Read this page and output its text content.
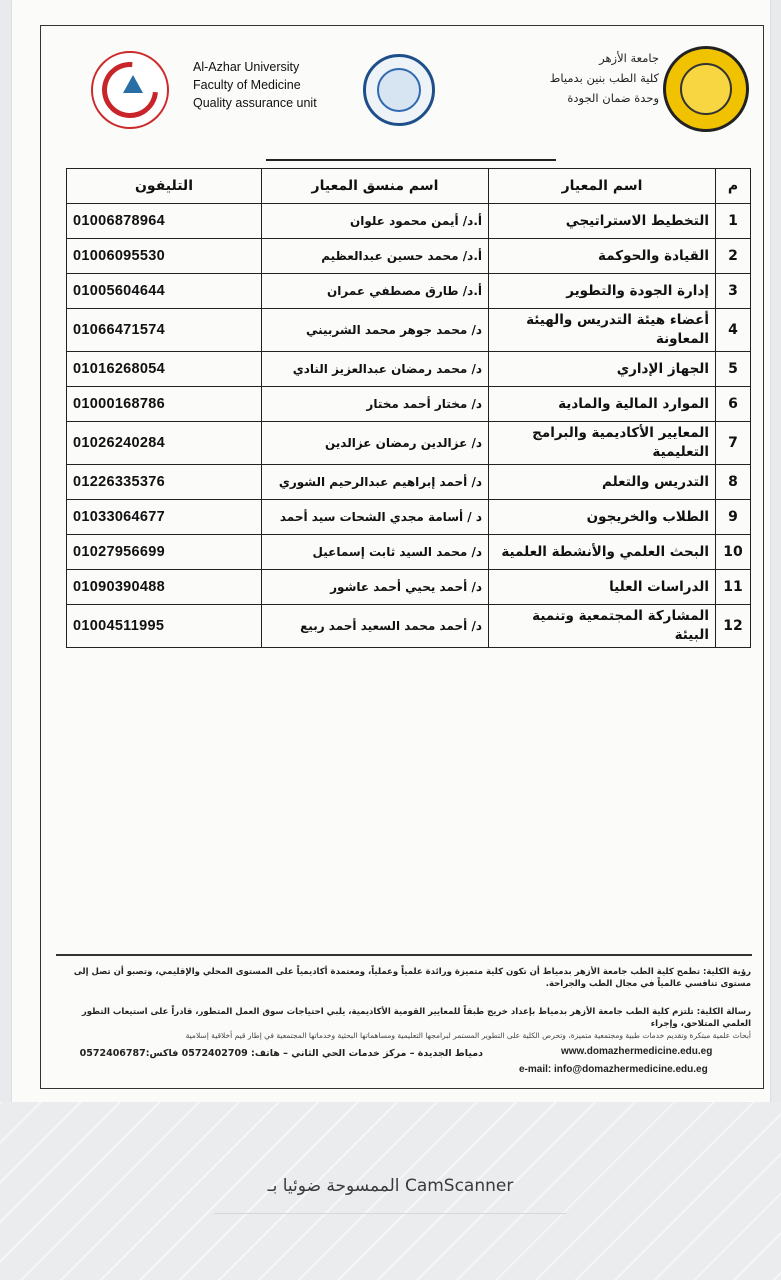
Al-Azhar University
Faculty of Medicine
Quality assurance unit
جامعة الأزهر
كلية الطب بنين بدمياط
وحدة ضمان الجودة
م	اسم المعيار	اسم منسق المعيار	التليفون
1	التخطيط الاستراتيجي	أ.د/ أيمن محمود علوان	01006878964
2	القيادة والحوكمة	أ.د/ محمد حسين عبدالعظيم	01006095530
3	إدارة الجودة والتطوير	أ.د/ طارق مصطفي عمران	01005604644
4	أعضاء هيئة التدريس والهيئة المعاونة	د/ محمد جوهر محمد الشربيني	01066471574
5	الجهاز الإداري	د/ محمد رمضان عبدالعزيز النادي	01016268054
6	الموارد المالية والمادية	د/ مختار أحمد مختار	01000168786
7	المعايير الأكاديمية والبرامج التعليمية	د/ عزالدين رمضان عزالدين	01026240284
8	التدريس والتعلم	د/ أحمد إبراهيم عبدالرحيم الشوري	01226335376
9	الطلاب والخريجون	د / أسامة مجدي الشحات سيد أحمد	01033064677
10	البحث العلمي والأنشطة العلمية	د/ محمد السيد ثابت إسماعيل	01027956699
11	الدراسات العليا	د/ أحمد يحيي أحمد عاشور	01090390488
12	المشاركة المجتمعية وتنمية البيئة	د/ أحمد محمد السعيد أحمد ربيع	01004511995
رؤية الكلية: تطمح كلية الطب جامعة الأزهر بدمياط أن تكون كلية متميزة ورائدة علمياً وعملياً، ومعتمدة أكاديمياً على المستوى المحلي والإقليمي، وتصبو أن تصل إلى مستوى تنافسي عالمياً في مجال الطب والجراحة.
رسالة الكلية: تلتزم كلية الطب جامعة الأزهر بدمياط بإعداد خريج طبقاً للمعايير القومية الأكاديمية، يلبي احتياجات سوق العمل المتطور، قادراً على استيعاب التطور العلمي المتلاحق، وإجراء
أبحاث علمية مبتكرة وتقديم خدمات طبية ومجتمعية متميزة، وتحرص الكلية على التطوير المستمر لبرامجها التعليمية ومساهماتها البحثية وخدماتها المجتمعية في إطار قيم أخلاقية إسلامية
www.domazhermedicine.edu.eg
e-mail: info@domazhermedicine.edu.eg
دمياط الجديدة – مركز خدمات الحي الثاني – هاتف: 0572402709 فاكس:0572406787
الممسوحة ضوئيا بـ CamScanner
